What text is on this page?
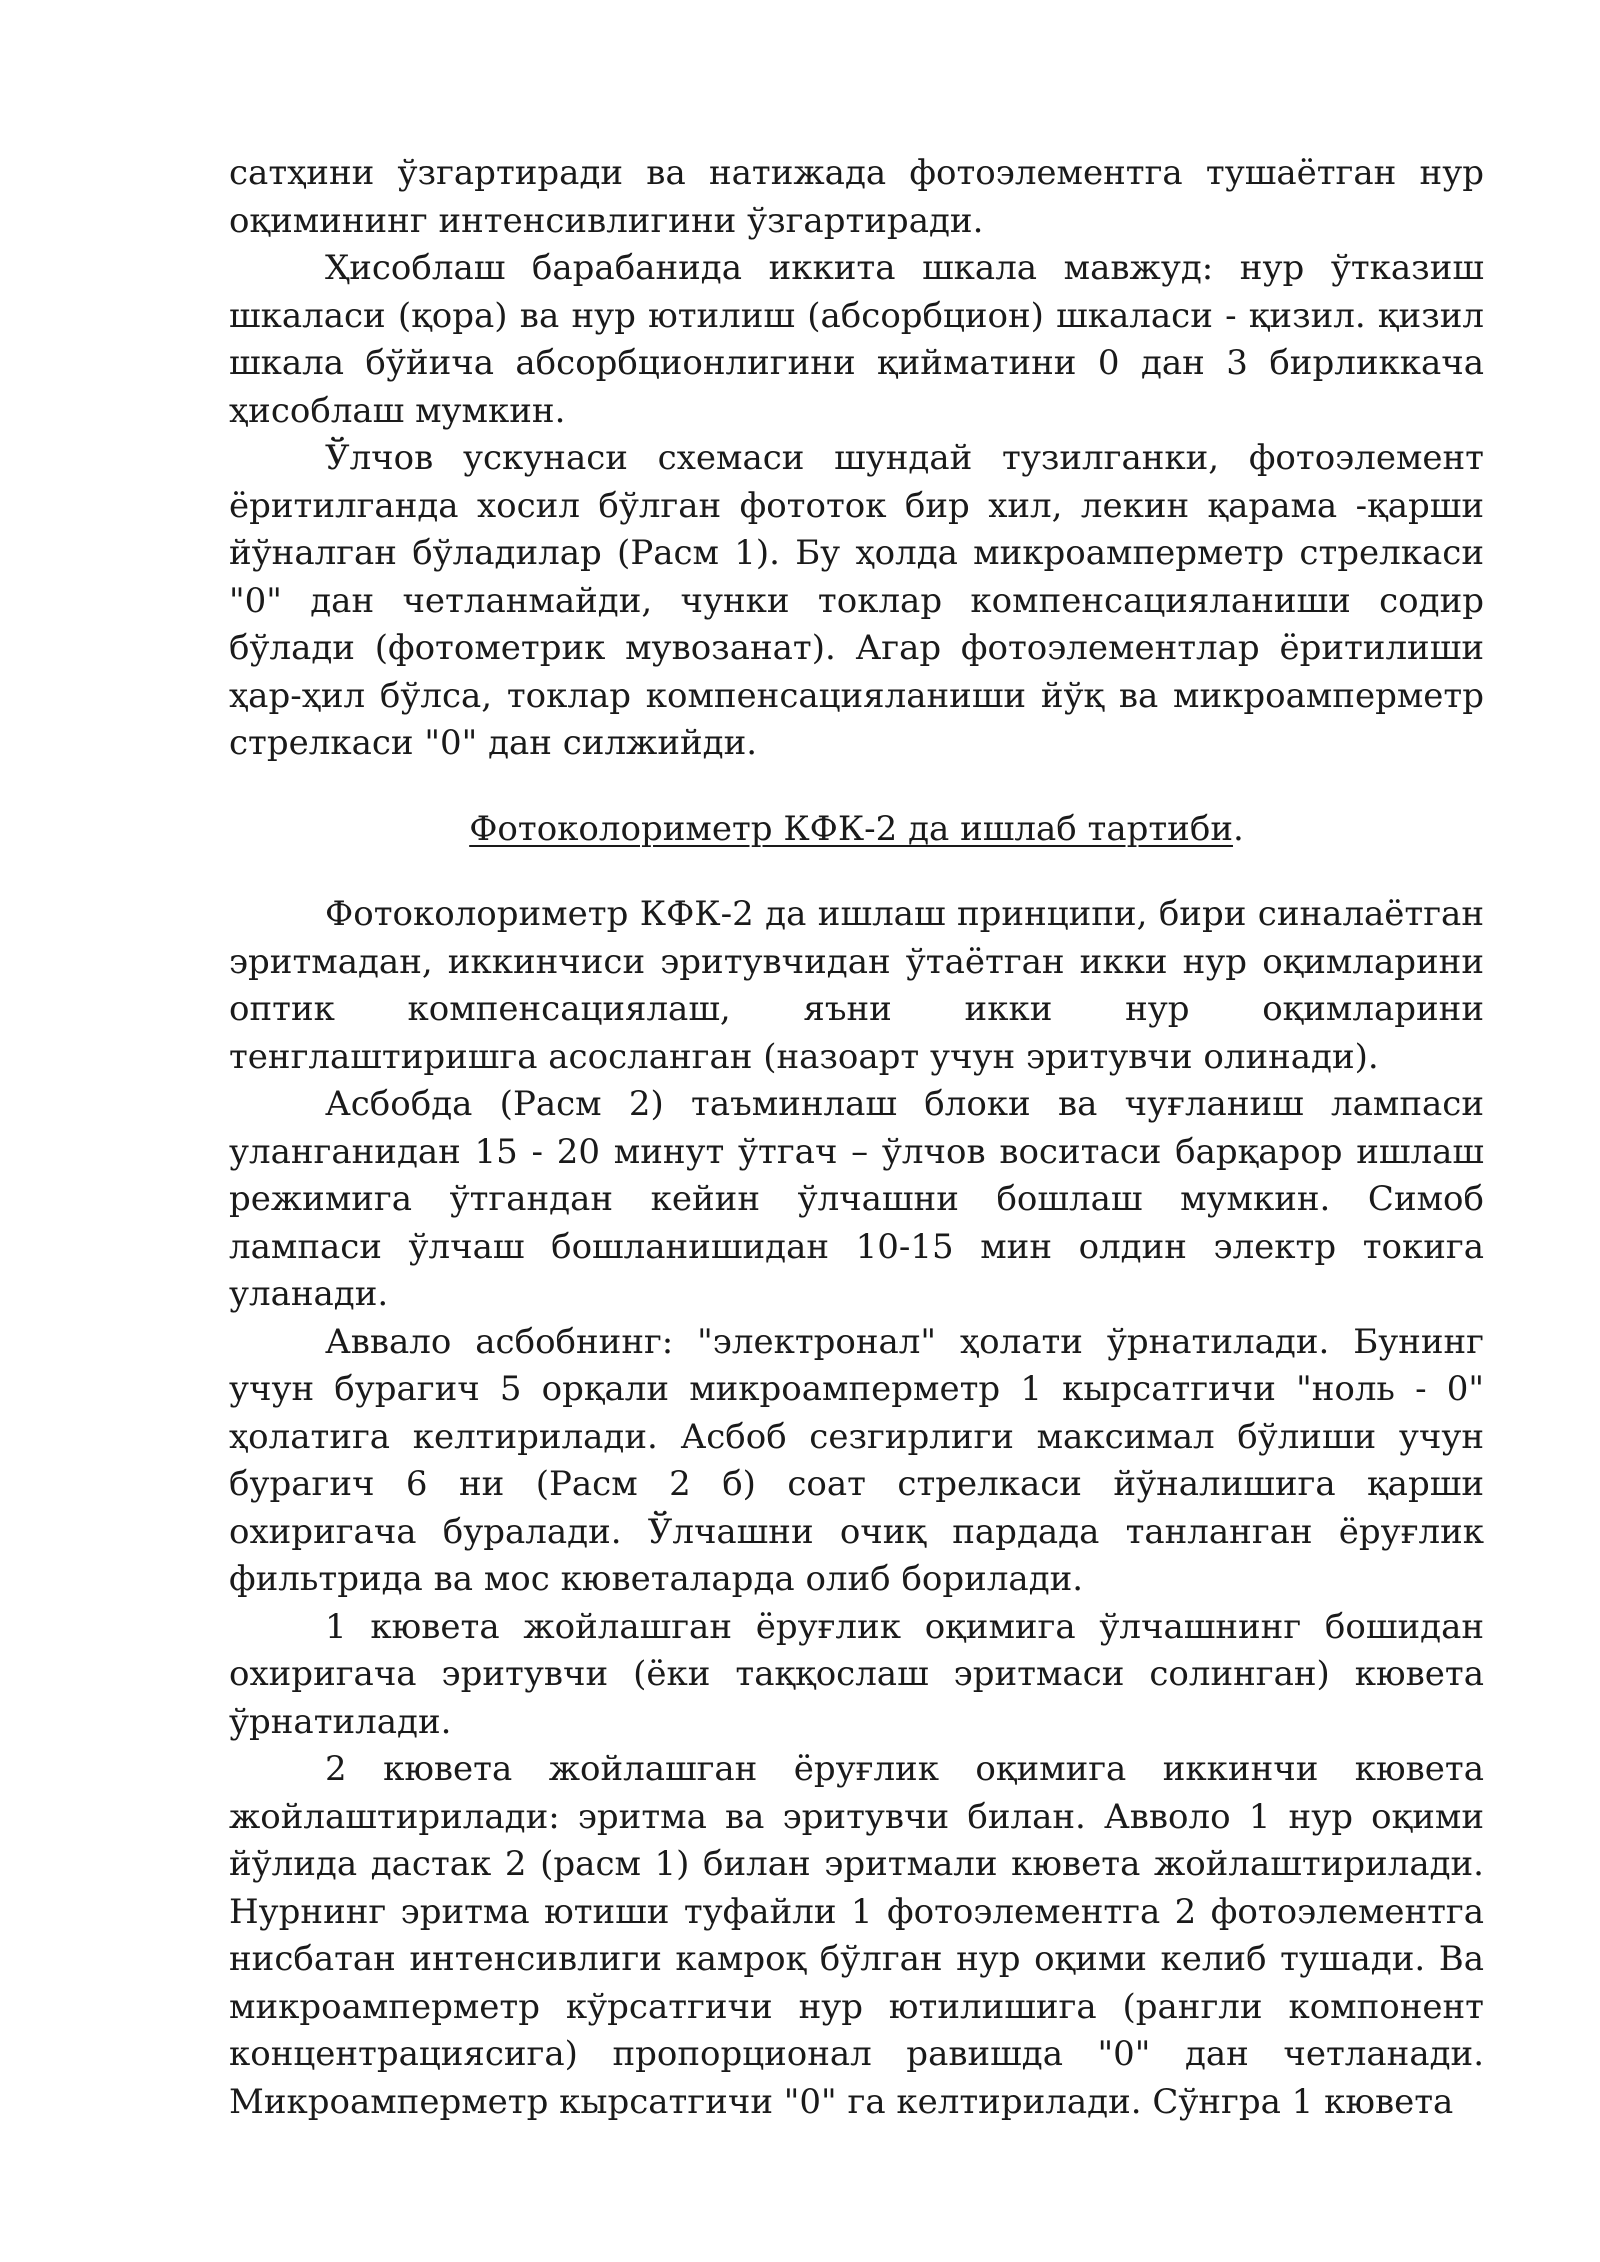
сатҳини ўзгартиради ва натижада фотоэлементга тушаётган нур оқимининг интенсивлигини ўзгартиради.

Ҳисоблаш барабанида иккита шкала мавжуд: нур ўтказиш шкаласи (қора) ва нур ютилиш (абсорбцион) шкаласи - қизил. қизил шкала бўйича абсорбционлигини қийматини 0 дан 3 бирликкача ҳисоблаш мумкин.

Ўлчов ускунаси схемаси шундай тузилганки, фотоэлемент ёритилганда хосил бўлган фототок бир хил, лекин қарама -қарши йўналган бўладилар (Расм 1). Бу ҳолда микроамперметр стрелкаси "0" дан четланмайди, чунки токлар компенсацияланиши содир бўлади (фотометрик мувозанат). Агар фотоэлементлар ёритилиши ҳар-ҳил бўлса, токлар компенсацияланиши йўқ ва микроамперметр стрелкаси "0" дан силжийди.

Фотоколориметр КФК-2 да ишлаб тартиби.

Фотоколориметр КФК-2 да ишлаш принципи, бири синалаётган эритмадан, иккинчиси эритувчидан ўтаётган икки нур оқимларини оптик компенсациялаш, яъни икки нур оқимларини тенглаштиришга асосланган (назоарт учун эритувчи олинади).

Асбобда (Расм 2) таъминлаш блоки ва чуғланиш лампаси уланганидан 15 - 20 минут ўтгач – ўлчов воситаси барқарор ишлаш режимига ўтгандан кейин ўлчашни бошлаш мумкин. Симоб лампаси ўлчаш бошланишидан 10-15 мин олдин электр токига уланади.

Аввало асбобнинг: "электронал" ҳолати ўрнатилади. Бунинг учун бурагич 5 орқали микроамперметр 1 кырсатгичи "ноль - 0" ҳолатига келтирилади. Асбоб сезгирлиги максимал бўлиши учун бурагич 6 ни (Расм 2 б) соат стрелкаси йўналишига қарши охиригача буралади. Ўлчашни очиқ пардада танланган ёруғлик фильтрида ва мос кюветаларда олиб борилади.

1 кювета жойлашган ёруғлик оқимига ўлчашнинг бошидан охиригача эритувчи (ёки таққослаш эритмаси солинган) кювета ўрнатилади.

2 кювета жойлашган ёруғлик оқимига иккинчи кювета жойлаштирилади: эритма ва эритувчи билан. Авволо 1 нур оқими йўлида дастак 2 (расм 1) билан эритмали кювета жойлаштирилади. Нурнинг эритма ютиши туфайли 1 фотоэлементга 2 фотоэлементга нисбатан интенсивлиги камроқ бўлган нур оқими келиб тушади. Ва микроамперметр кўрсатгичи нур ютилишига (рангли компонент концентрациясига) пропорционал равишда "0" дан четланади. Микроамперметр кырсатгичи "0" га келтирилади. Сўнгра 1 кювета
